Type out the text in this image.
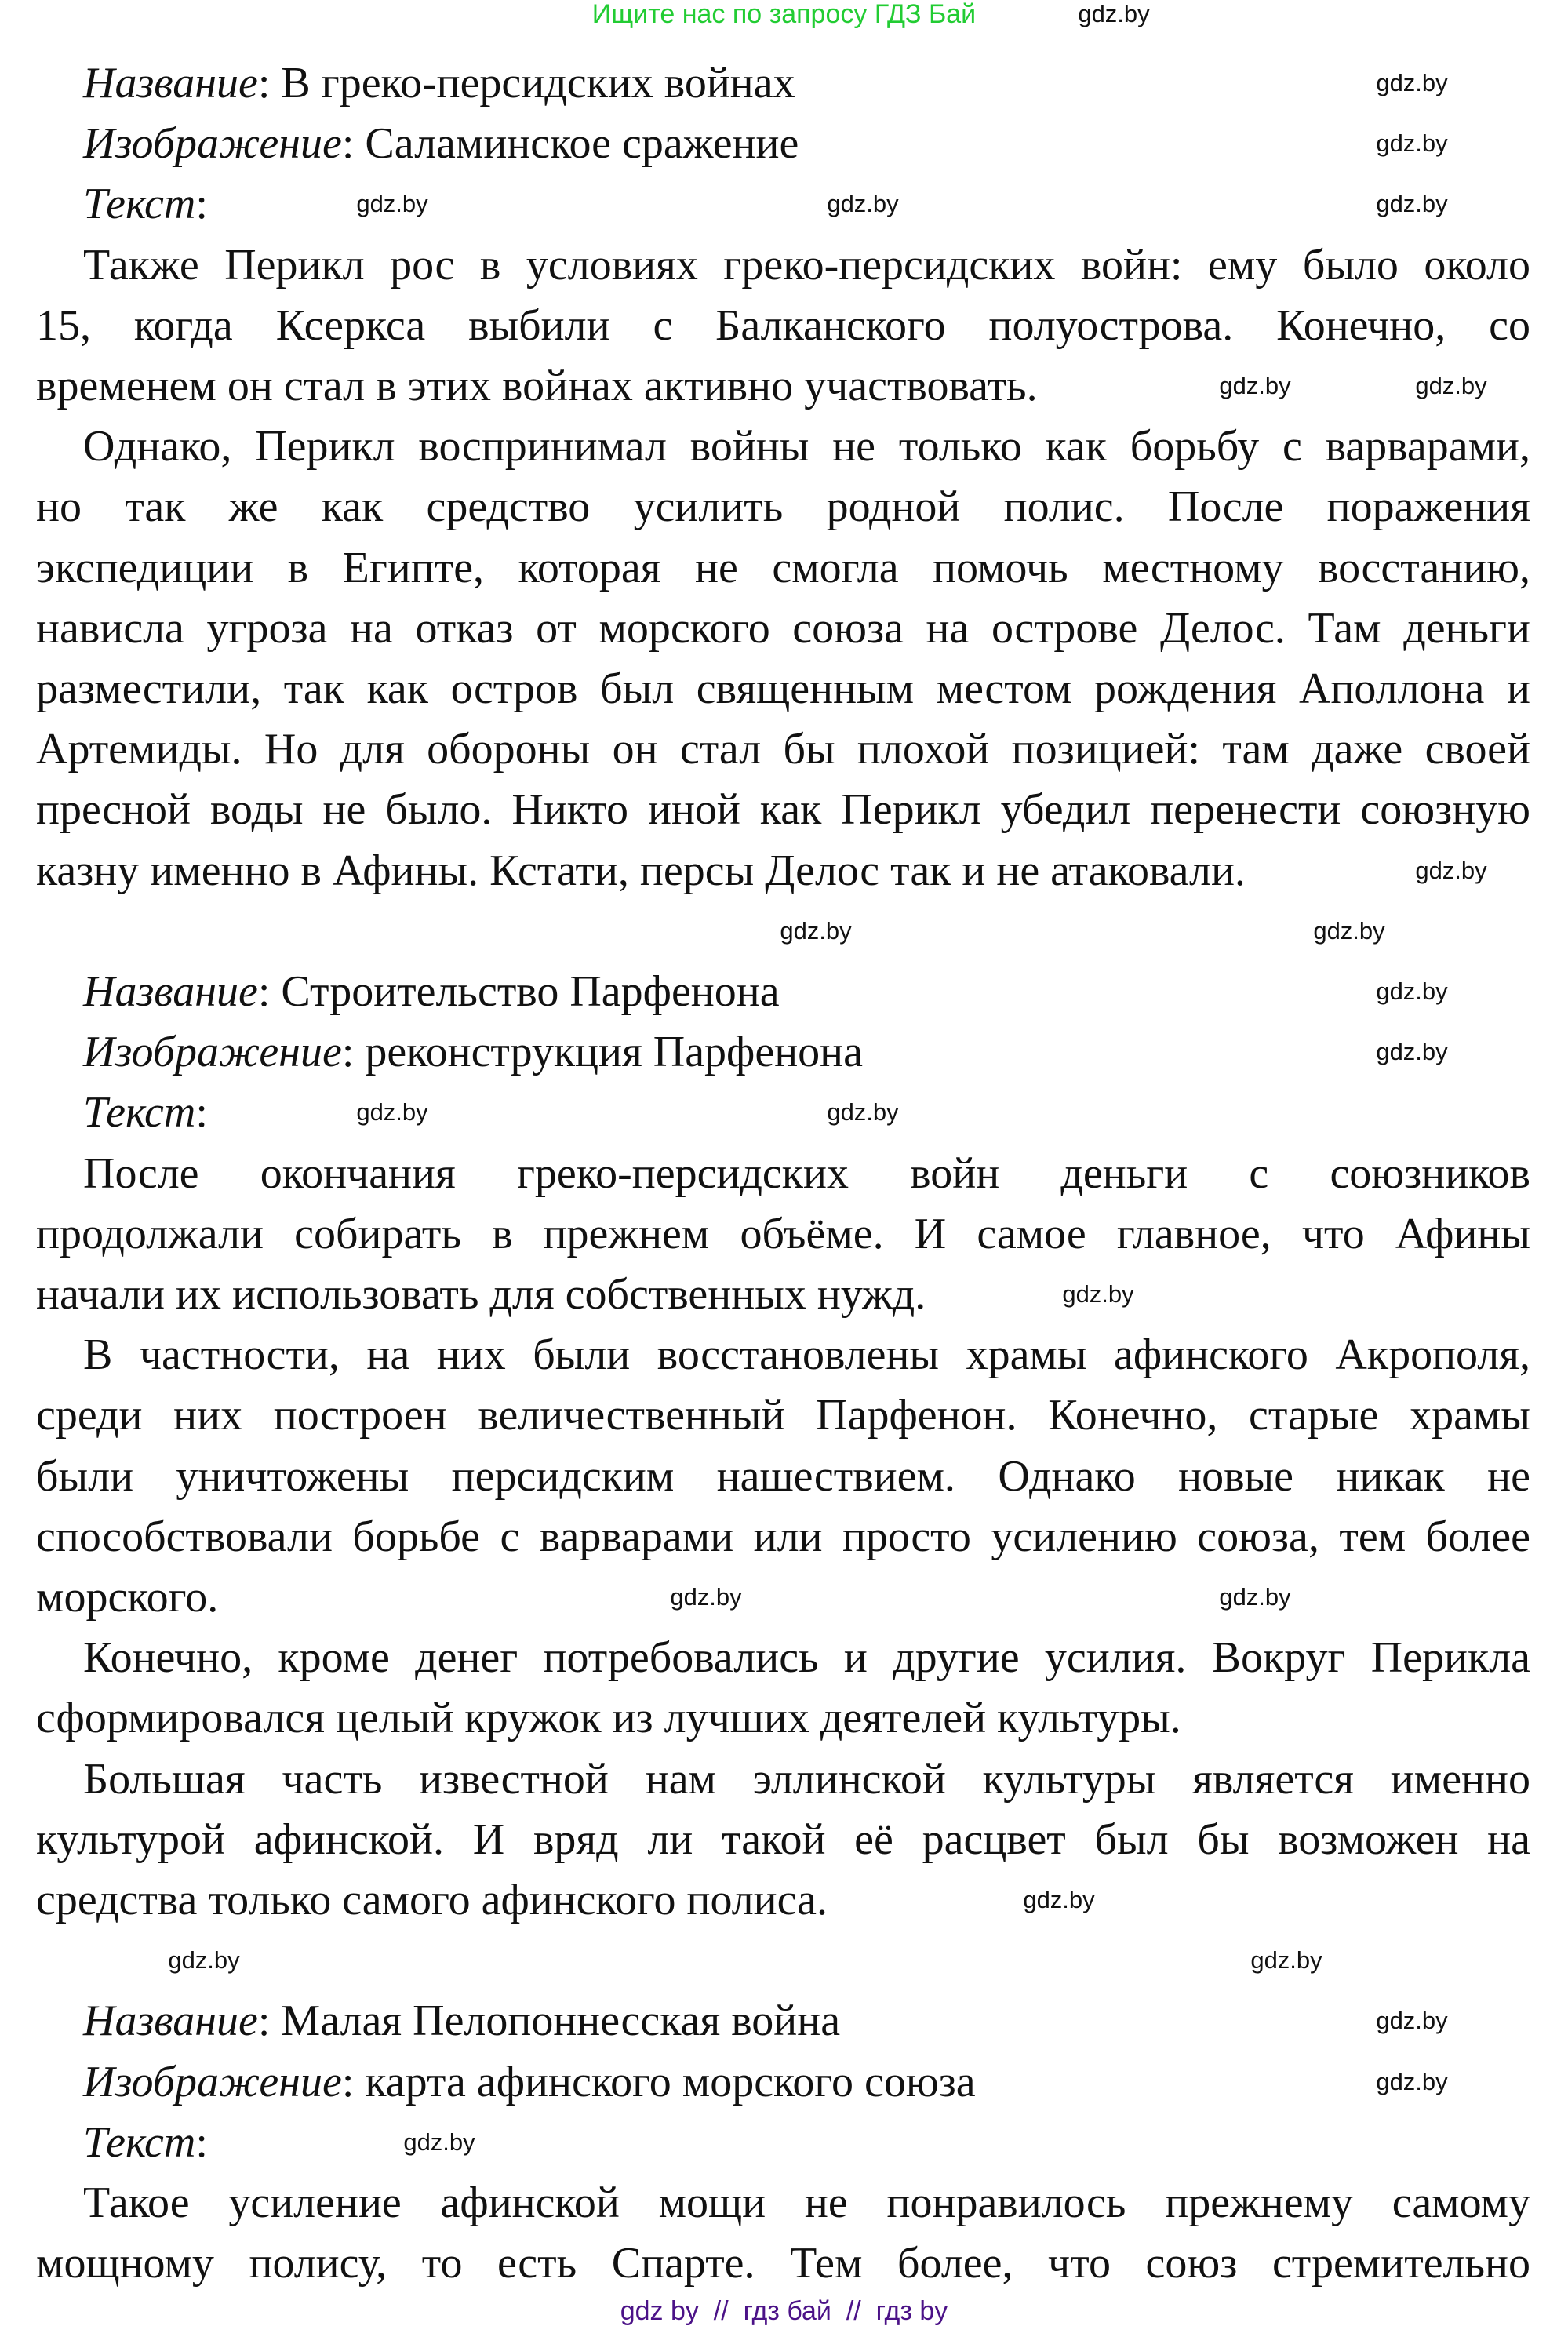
Ищите нас по запросу ГДЗ Бай
gdz by  //  гдз бай  //  гдз by
Название: В греко-персидских войнах
Изображение: Саламинское сражение
Текст:
Также Перикл рос в условиях греко-персидских войн: ему было около
15, когда Ксеркса выбили с Балканского полуострова. Конечно, со
временем он стал в этих войнах активно участвовать.
Однако, Перикл воспринимал войны не только как борьбу с варварами,
но так же как средство усилить родной полис. После поражения
экспедиции в Египте, которая не смогла помочь местному восстанию,
нависла угроза на отказ от морского союза на острове Делос. Там деньги
разместили, так как остров был священным местом рождения Аполлона и
Артемиды. Но для обороны он стал бы плохой позицией: там даже своей
пресной воды не было. Никто иной как Перикл убедил перенести союзную
казну именно в Афины. Кстати, персы Делос так и не атаковали.
Название: Строительство Парфенона
Изображение: реконструкция Парфенона
Текст:
После окончания греко-персидских войн деньги с союзников
продолжали собирать в прежнем объёме. И самое главное, что Афины
начали их использовать для собственных нужд.
В частности, на них были восстановлены храмы афинского Акрополя,
среди них построен величественный Парфенон. Конечно, старые храмы
были уничтожены персидским нашествием. Однако новые никак не
способствовали борьбе с варварами или просто усилению союза, тем более
морского.
Конечно, кроме денег потребовались и другие усилия. Вокруг Перикла
сформировался целый кружок из лучших деятелей культуры.
Большая часть известной нам эллинской культуры является именно
культурой афинской. И вряд ли такой её расцвет был бы возможен на
средства только самого афинского полиса.
Название: Малая Пелопоннесская война
Изображение: карта афинского морского союза
Текст:
Такое усиление афинской мощи не понравилось прежнему самому
мощному полису, то есть Спарте. Тем более, что союз стремительно
gdz.by
gdz.by
gdz.by
gdz.by
gdz.by
gdz.by
gdz.by
gdz.by
gdz.by
gdz.by	gdz.by
gdz.by
gdz.by
gdz.by
gdz.by
gdz.by
gdz.by
gdz.by
gdz.by
gdz.by	gdz.by
gdz.by
gdz.by
gdz.by
